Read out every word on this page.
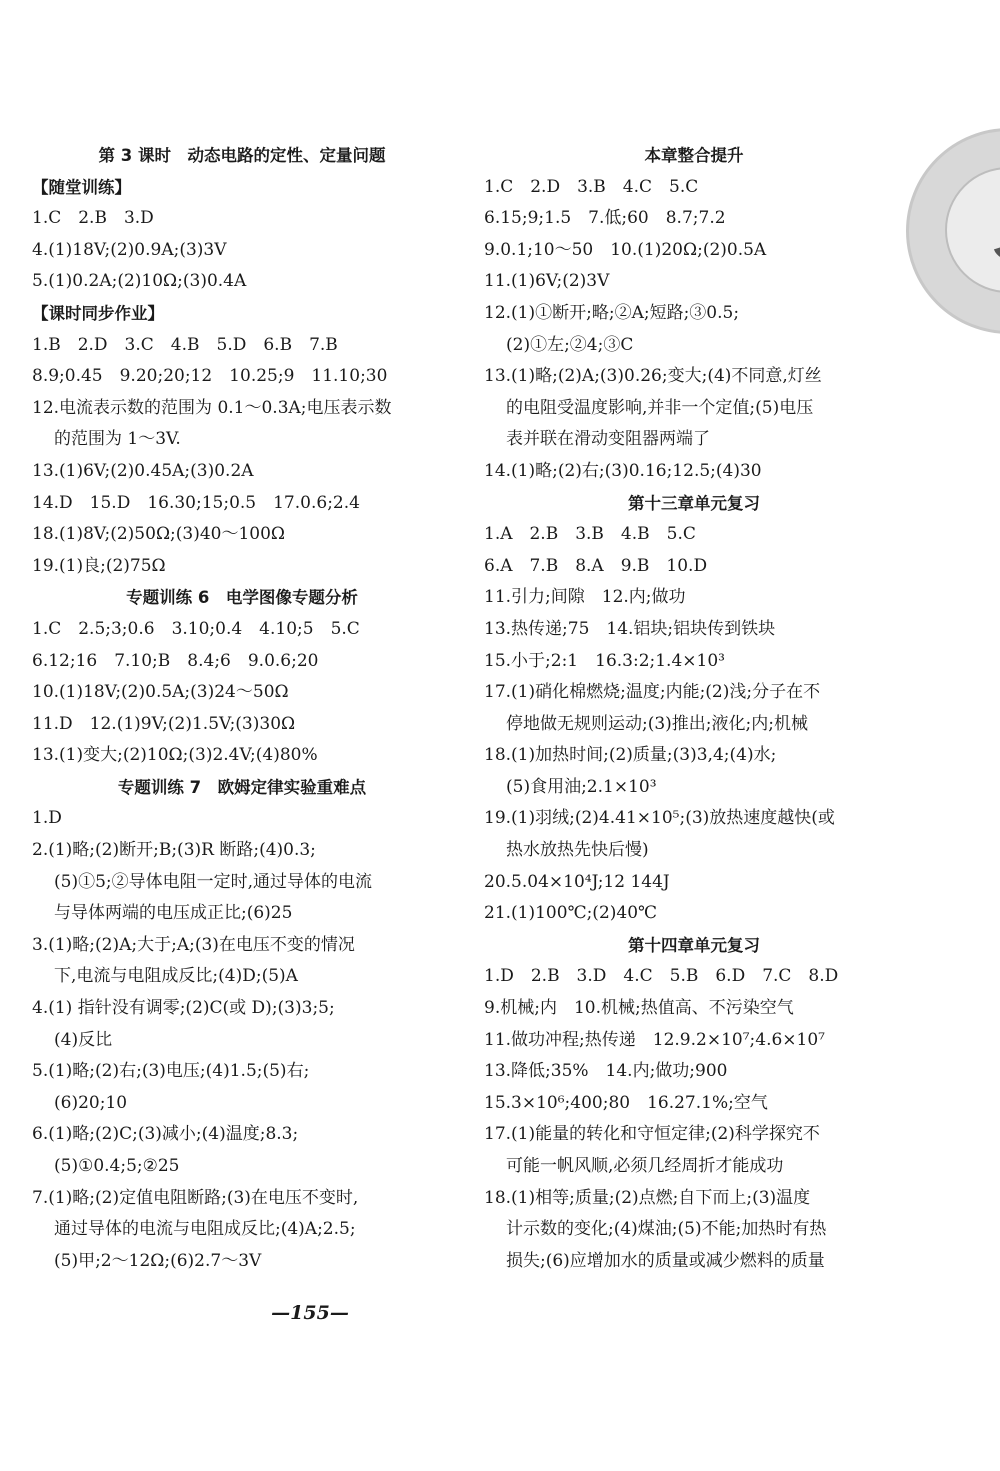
第 3 课时　动态电路的定性、定量问题

【随堂训练】

1.C　2.B　3.D

4.(1)18V;(2)0.9A;(3)3V

5.(1)0.2A;(2)10Ω;(3)0.4A

【课时同步作业】

1.B　2.D　3.C　4.B　5.D　6.B　7.B

8.9;0.45　9.20;20;12　10.25;9　11.10;30

12.电流表示数的范围为 0.1～0.3A;电压表示数

的范围为 1～3V.

13.(1)6V;(2)0.45A;(3)0.2A

14.D　15.D　16.30;15;0.5　17.0.6;2.4

18.(1)8V;(2)50Ω;(3)40～100Ω

19.(1)良;(2)75Ω

专题训练 6　电学图像专题分析

1.C　2.5;3;0.6　3.10;0.4　4.10;5　5.C

6.12;16　7.10;B　8.4;6　9.0.6;20

10.(1)18V;(2)0.5A;(3)24～50Ω

11.D　12.(1)9V;(2)1.5V;(3)30Ω

13.(1)变大;(2)10Ω;(3)2.4V;(4)80%

专题训练 7　欧姆定律实验重难点

1.D

2.(1)略;(2)断开;B;(3)R 断路;(4)0.3;

(5)①5;②导体电阻一定时,通过导体的电流

与导体两端的电压成正比;(6)25

3.(1)略;(2)A;大于;A;(3)在电压不变的情况

下,电流与电阻成反比;(4)D;(5)A

4.(1) 指针没有调零;(2)C(或 D);(3)3;5;

(4)反比

5.(1)略;(2)右;(3)电压;(4)1.5;(5)右;

(6)20;10

6.(1)略;(2)C;(3)减小;(4)温度;8.3;

(5)①0.4;5;②25

7.(1)略;(2)定值电阻断路;(3)在电压不变时,

通过导体的电流与电阻成反比;(4)A;2.5;

(5)甲;2～12Ω;(6)2.7～3V

本章整合提升

1.C　2.D　3.B　4.C　5.C

6.15;9;1.5　7.低;60　8.7;7.2

9.0.1;10～50　10.(1)20Ω;(2)0.5A

11.(1)6V;(2)3V

12.(1)①断开;略;②A;短路;③0.5;

(2)①左;②4;③C

13.(1)略;(2)A;(3)0.26;变大;(4)不同意,灯丝

的电阻受温度影响,并非一个定值;(5)电压

表并联在滑动变阻器两端了

14.(1)略;(2)右;(3)0.16;12.5;(4)30

第十三章单元复习

1.A　2.B　3.B　4.B　5.C

6.A　7.B　8.A　9.B　10.D

11.引力;间隙　12.内;做功

13.热传递;75　14.铝块;铝块传到铁块

15.小于;2:1　16.3:2;1.4×10³

17.(1)硝化棉燃烧;温度;内能;(2)浅;分子在不

停地做无规则运动;(3)推出;液化;内;机械

18.(1)加热时间;(2)质量;(3)3,4;(4)水;

(5)食用油;2.1×10³

19.(1)羽绒;(2)4.41×10⁵;(3)放热速度越快(或

热水放热先快后慢)

20.5.04×10⁴J;12 144J

21.(1)100℃;(2)40℃

第十四章单元复习

1.D　2.B　3.D　4.C　5.B　6.D　7.C　8.D

9.机械;内　10.机械;热值高、不污染空气

11.做功冲程;热传递　12.9.2×10⁷;4.6×10⁷

13.降低;35%　14.内;做功;900

15.3×10⁶;400;80　16.27.1%;空气

17.(1)能量的转化和守恒定律;(2)科学探究不

可能一帆风顺,必须几经周折才能成功

18.(1)相等;质量;(2)点燃;自下而上;(3)温度

计示数的变化;(4)煤油;(5)不能;加热时有热

损失;(6)应增加水的质量或减少燃料的质量

—155—
